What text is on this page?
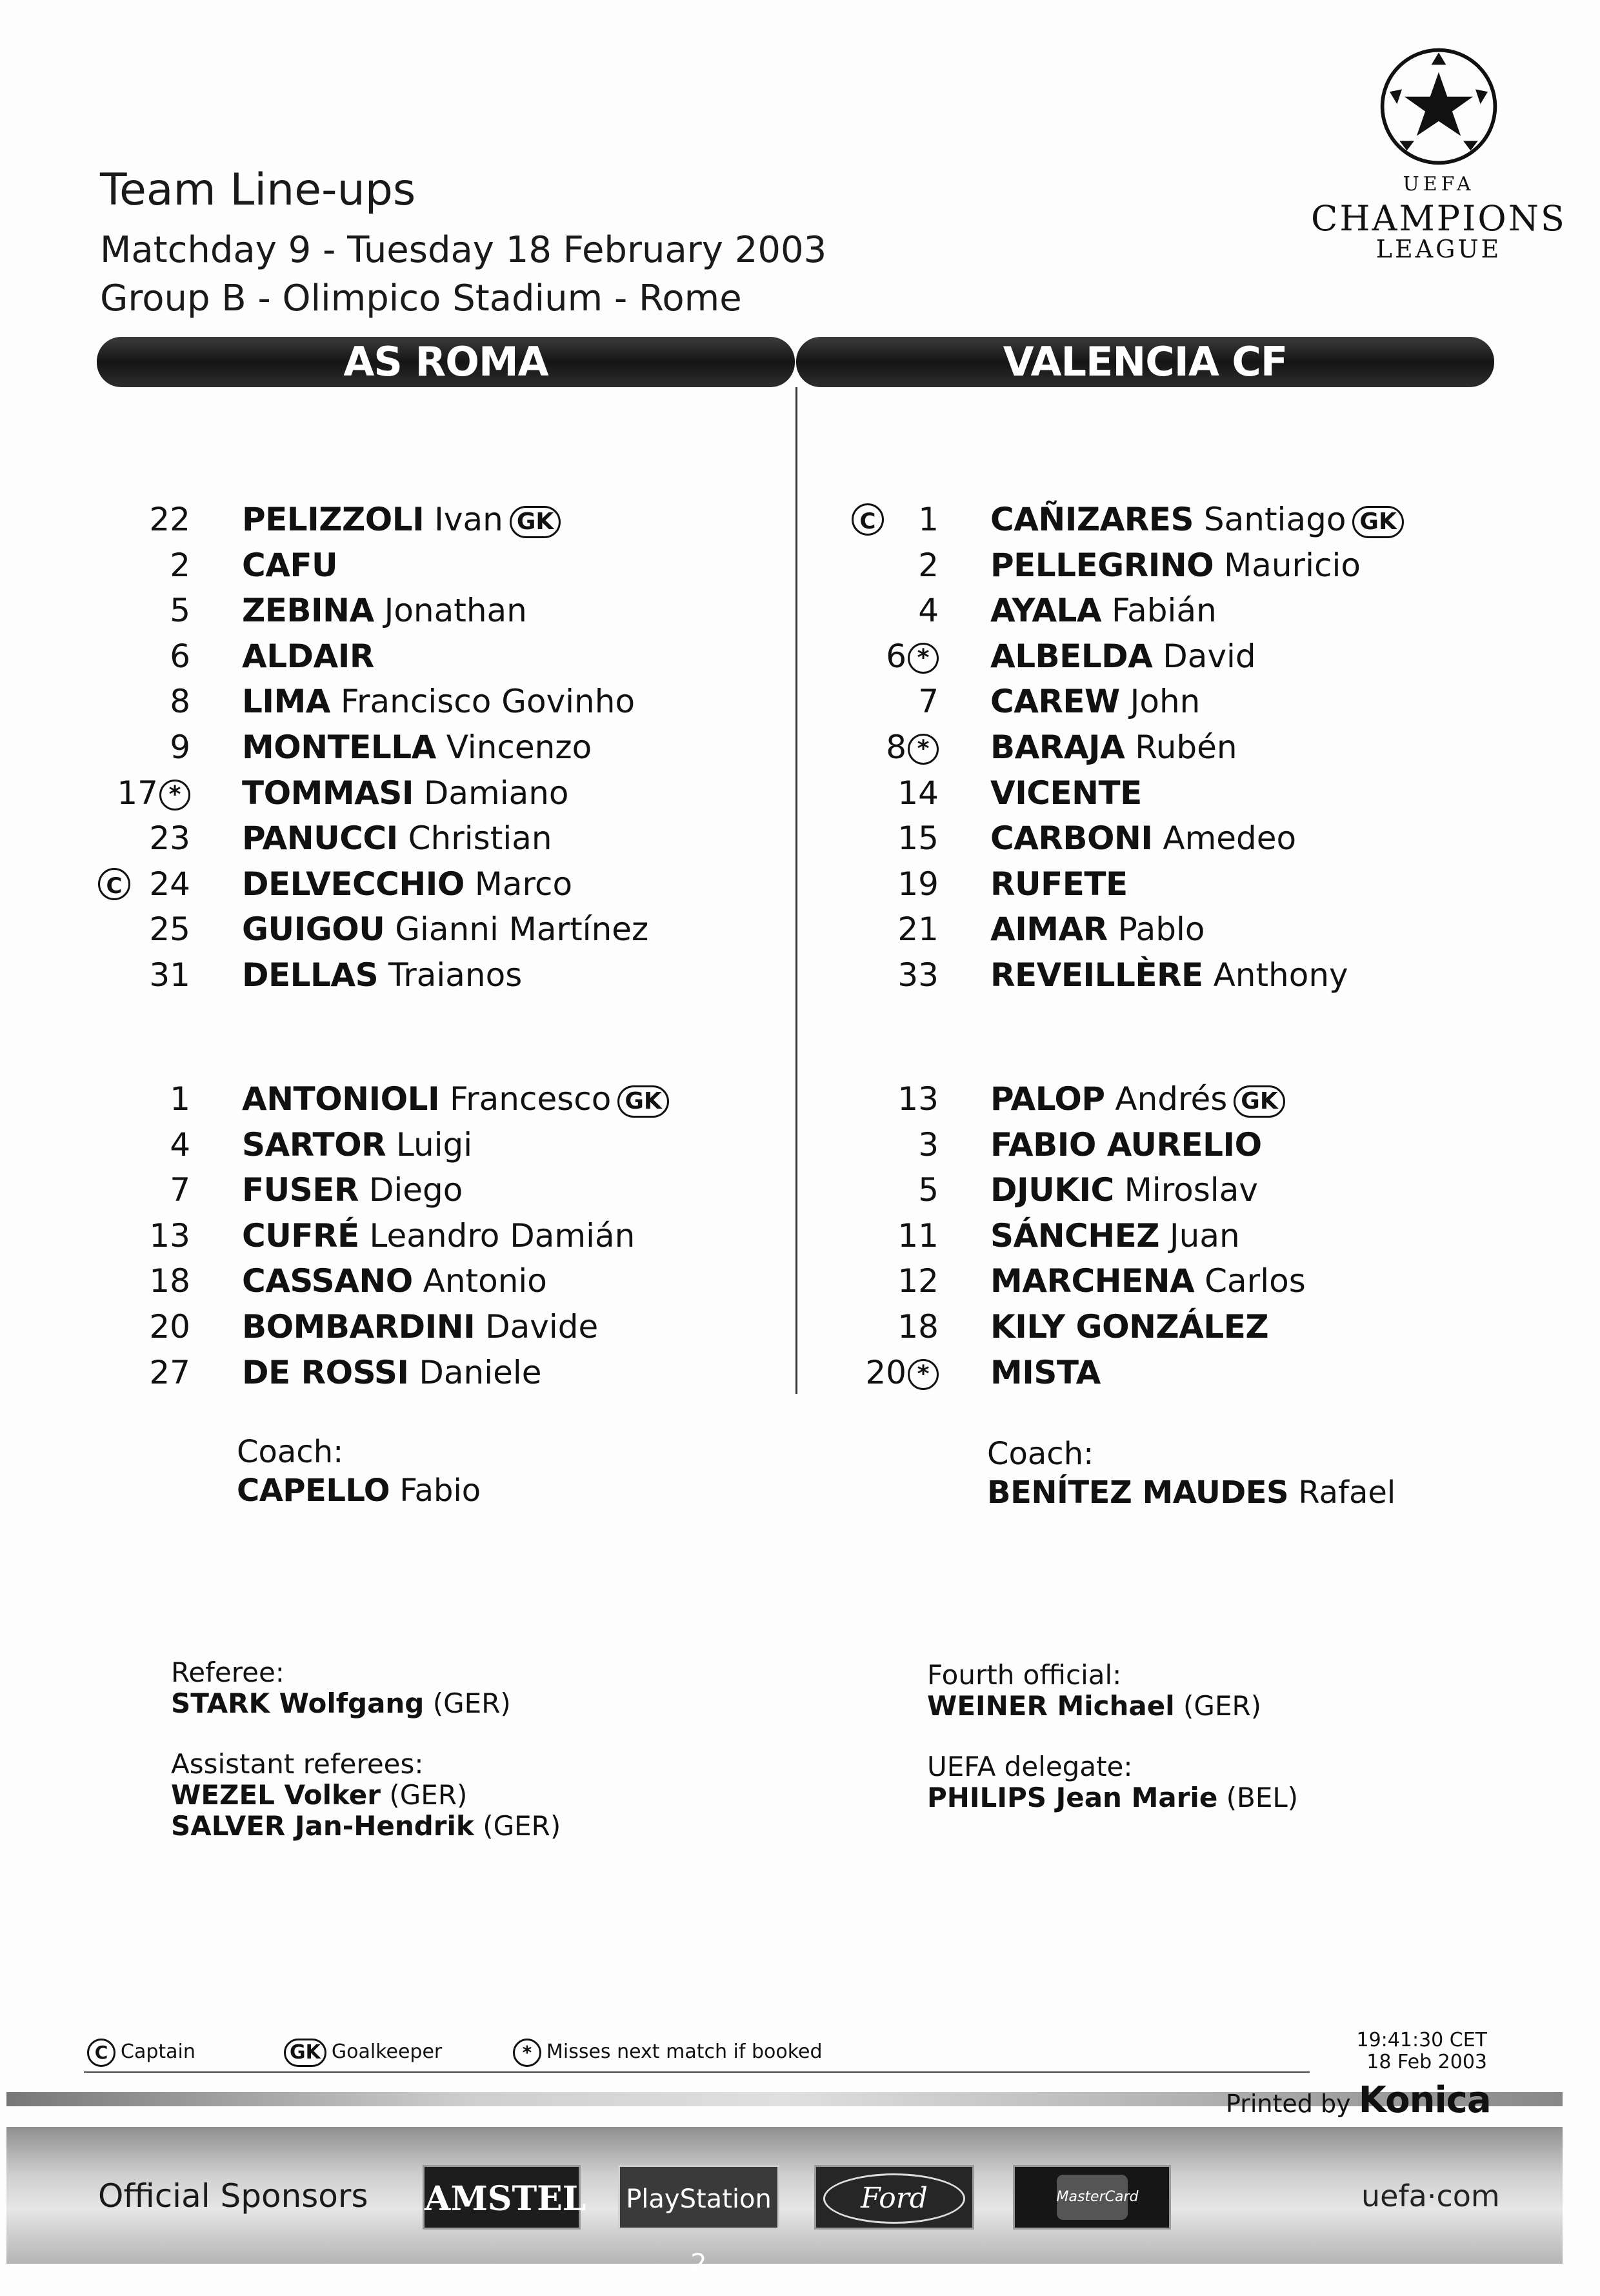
Team Line-ups
Matchday 9 - Tuesday 18 February 2003
Group B - Olimpico Stadium - Rome
UEFA
CHAMPIONS
LEAGUE
AS ROMA	VALENCIA CF
22 PELIZZOLI Ivan GK
2 CAFU
5 ZEBINA Jonathan
6 ALDAIR
8 LIMA Francisco Govinho
9 MONTELLA Vincenzo
17 * TOMMASI Damiano
23 PANUCCI Christian
C 24 DELVECCHIO Marco
25 GUIGOU Gianni Martínez
31 DELLAS Traianos
1 ANTONIOLI Francesco GK
4 SARTOR Luigi
7 FUSER Diego
13 CUFRÉ Leandro Damián
18 CASSANO Antonio
20 BOMBARDINI Davide
27 DE ROSSI Daniele
C	1 CAÑIZARES Santiago GK
2 PELLEGRINO Mauricio
4 AYALA Fabián
6 * ALBELDA David
7 CAREW John
8 * BARAJA Rubén
14 VICENTE
15 CARBONI Amedeo
19 RUFETE
21 AIMAR Pablo
33 REVEILLÈRE Anthony
13 PALOP Andrés GK
3 FABIO AURELIO
5 DJUKIC Miroslav
11 SÁNCHEZ Juan
12 MARCHENA Carlos
18 KILY GONZÁLEZ
20 * MISTA
Coach:
CAPELLO Fabio
Coach:
BENÍTEZ MAUDES Rafael
Referee:
STARK Wolfgang (GER)
Assistant referees:
WEZEL Volker (GER)
SALVER Jan-Hendrik (GER)
Fourth official:
WEINER Michael (GER)
UEFA delegate:
PHILIPS Jean Marie (BEL)
C Captain	GK Goalkeeper	* Misses next match if booked
19:41:30 CET
18 Feb 2003
Printed by Konica
Official Sponsors AMSTEL	PlayStation 2
Ford	MasterCard	uefa·com
